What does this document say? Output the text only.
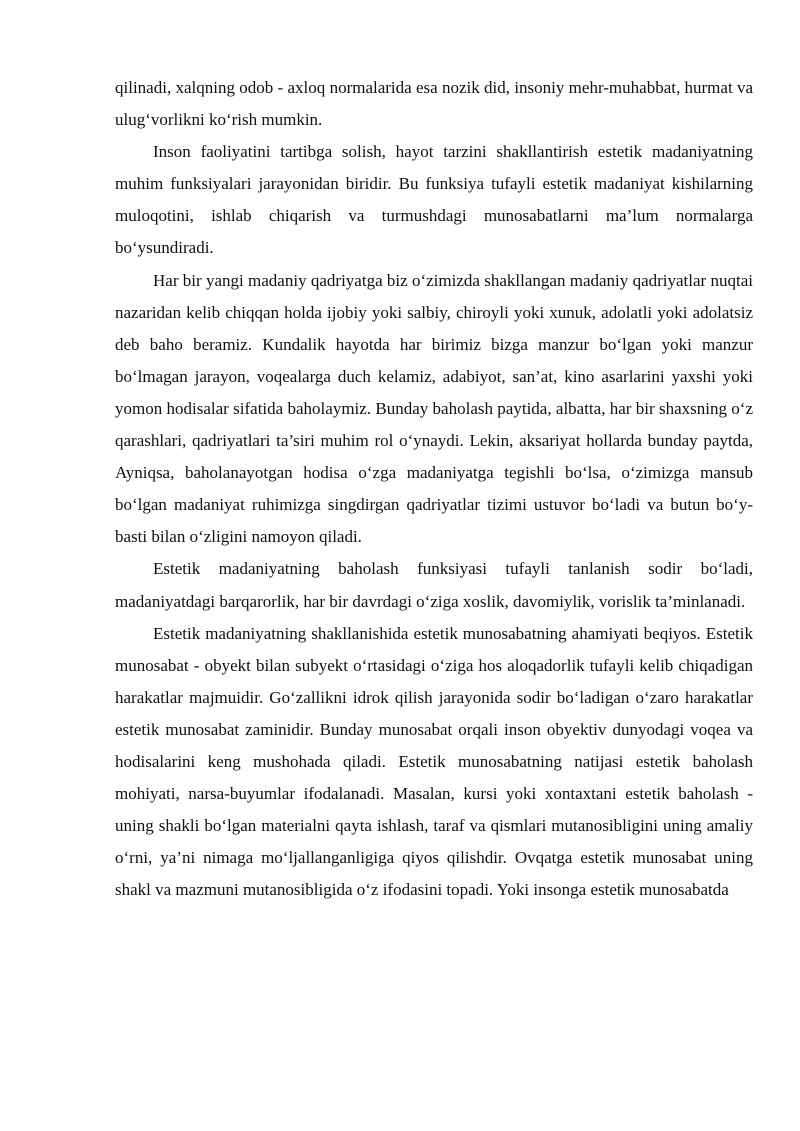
qilinadi, xalqning odob - axloq normalarida esa nozik did, insoniy mehr-muhabbat, hurmat va ulug‘vorlikni ko‘rish mumkin.

Inson faoliyatini tartibga solish, hayot tarzini shakllantirish estetik madaniyatning muhim funksiyalari jarayonidan biridir. Bu funksiya tufayli estetik madaniyat kishilarning muloqotini, ishlab chiqarish va turmushdagi munosabatlarni ma’lum normalarga bo‘ysundiradi.

Har bir yangi madaniy qadriyatga biz o‘zimizda shakllangan madaniy qadriyatlar nuqtai nazaridan kelib chiqqan holda ijobiy yoki salbiy, chiroyli yoki xunuk, adolatli yoki adolatsiz deb baho beramiz. Kundalik hayotda har birimiz bizga manzur bo‘lgan yoki manzur bo‘lmagan jarayon, voqealarga duch kelamiz, adabiyot, san’at, kino asarlarini yaxshi yoki yomon hodisalar sifatida baholaymiz. Bunday baholash paytida, albatta, har bir shaxsning o‘z qarashlari, qadriyatlari ta’siri muhim rol o‘ynaydi. Lekin, aksariyat hollarda bunday paytda, Ayniqsa, baholanayotgan hodisa o‘zga madaniyatga tegishli bo‘lsa, o‘zimizga mansub bo‘lgan madaniyat ruhimizga singdirgan qadriyatlar tizimi ustuvor bo‘ladi va butun bo‘y-basti bilan o‘zligini namoyon qiladi.

Estetik madaniyatning baholash funksiyasi tufayli tanlanish sodir bo‘ladi, madaniyatdagi barqarorlik, har bir davrdagi o‘ziga xoslik, davomiylik, vorislik ta’minlanadi.

Estetik madaniyatning shakllanishida estetik munosabatning ahamiyati beqiyos. Estetik munosabat - obyekt bilan subyekt o‘rtasidagi o‘ziga hos aloqadorlik tufayli kelib chiqadigan harakatlar majmuidir. Go‘zallikni idrok qilish jarayonida sodir bo‘ladigan o‘zaro harakatlar estetik munosabat zaminidir. Bunday munosabat orqali inson obyektiv dunyodagi voqea va hodisalarini keng mushohada qiladi. Estetik munosabatning natijasi estetik baholash mohiyati, narsa-buyumlar ifodalanadi. Masalan, kursi yoki xontaxtani estetik baholash - uning shakli bo‘lgan materialni qayta ishlash, taraf va qismlari mutanosibligini uning amaliy o‘rni, ya’ni nimaga mo‘ljallanganligiga qiyos qilishdir. Ovqatga estetik munosabat uning shakl va mazmuni mutanosibligida o‘z ifodasini topadi. Yoki insonga estetik munosabatda
